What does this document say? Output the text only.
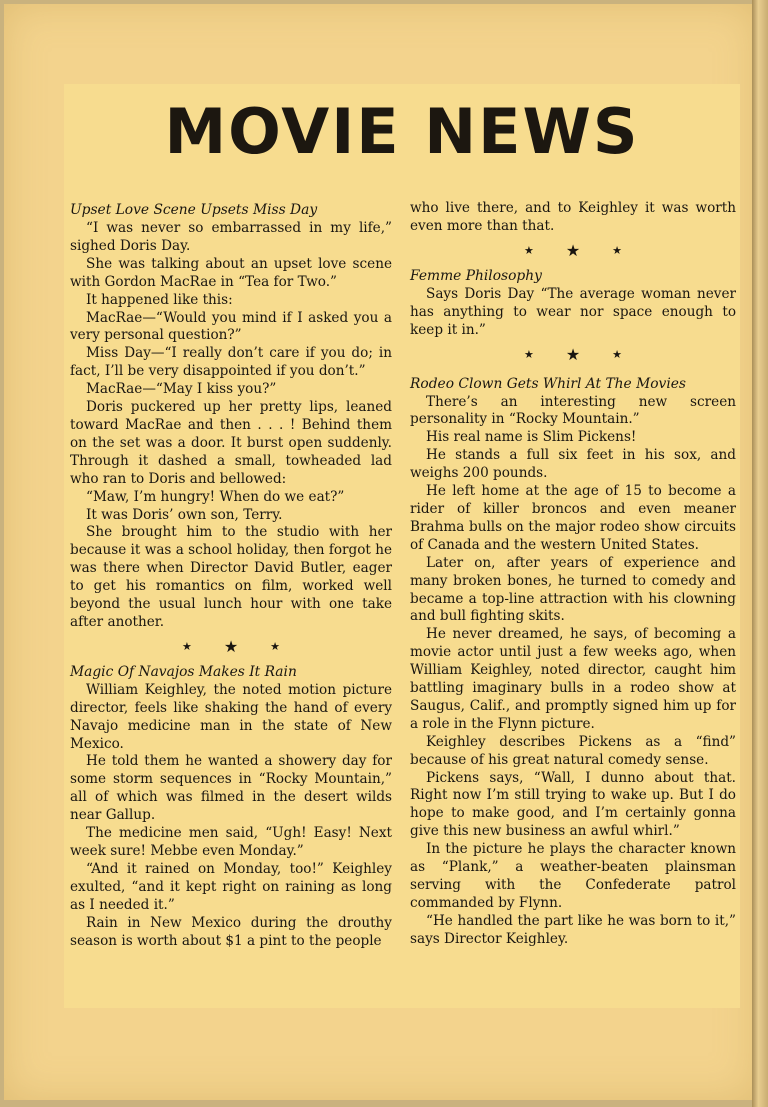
MOVIE NEWS
Upset Love Scene Upsets Miss Day

“I was never so embarrassed in my life,” sighed Doris Day.

She was talking about an upset love scene with Gordon MacRae in “Tea for Two.”

It happened like this:

MacRae—“Would you mind if I asked you a very personal question?”

Miss Day—“I really don’t care if you do; in fact, I’ll be very disappointed if you don’t.”

MacRae—“May I kiss you?”

Doris puckered up her pretty lips, leaned toward MacRae and then . . . ! Behind them on the set was a door. It burst open suddenly. Through it dashed a small, towheaded lad who ran to Doris and bellowed:

“Maw, I’m hungry! When do we eat?”

It was Doris’ own son, Terry.

She brought him to the studio with her because it was a school holiday, then forgot he was there when Director David Butler, eager to get his romantics on film, worked well beyond the usual lunch hour with one take after another.

★ ★	★
Magic Of Navajos Makes It Rain

William Keighley, the noted motion picture director, feels like shaking the hand of every Navajo medicine man in the state of New Mexico.

He told them he wanted a showery day for some storm sequences in “Rocky Mountain,” all of which was filmed in the desert wilds near Gallup.

The medicine men said, “Ugh! Easy! Next week sure! Mebbe even Monday.”

“And it rained on Monday, too!” Keighley exulted, “and it kept right on raining as long as I needed it.”

Rain in New Mexico during the drouthy season is worth about $1 a pint to the people

who live there, and to Keighley it was worth even more than that.

★ ★	★
Femme Philosophy

Says Doris Day “The average woman never has anything to wear nor space enough to keep it in.”

★ ★	★
Rodeo Clown Gets Whirl At The Movies

There’s an interesting new screen personality in “Rocky Mountain.”

His real name is Slim Pickens!

He stands a full six feet in his sox, and weighs 200 pounds.

He left home at the age of 15 to become a rider of killer broncos and even meaner Brahma bulls on the major rodeo show circuits of Canada and the western United States.

Later on, after years of experience and many broken bones, he turned to comedy and became a top-line attraction with his clowning and bull fighting skits.

He never dreamed, he says, of becoming a movie actor until just a few weeks ago, when William Keighley, noted director, caught him battling imaginary bulls in a rodeo show at Saugus, Calif., and promptly signed him up for a role in the Flynn picture.

Keighley describes Pickens as a “find” because of his great natural comedy sense.

Pickens says, “Wall, I dunno about that. Right now I’m still trying to wake up. But I do hope to make good, and I’m certainly gonna give this new business an awful whirl.”

In the picture he plays the character known as “Plank,” a weather-beaten plainsman serving with the Confederate patrol commanded by Flynn.

“He handled the part like he was born to it,” says Director Keighley.
